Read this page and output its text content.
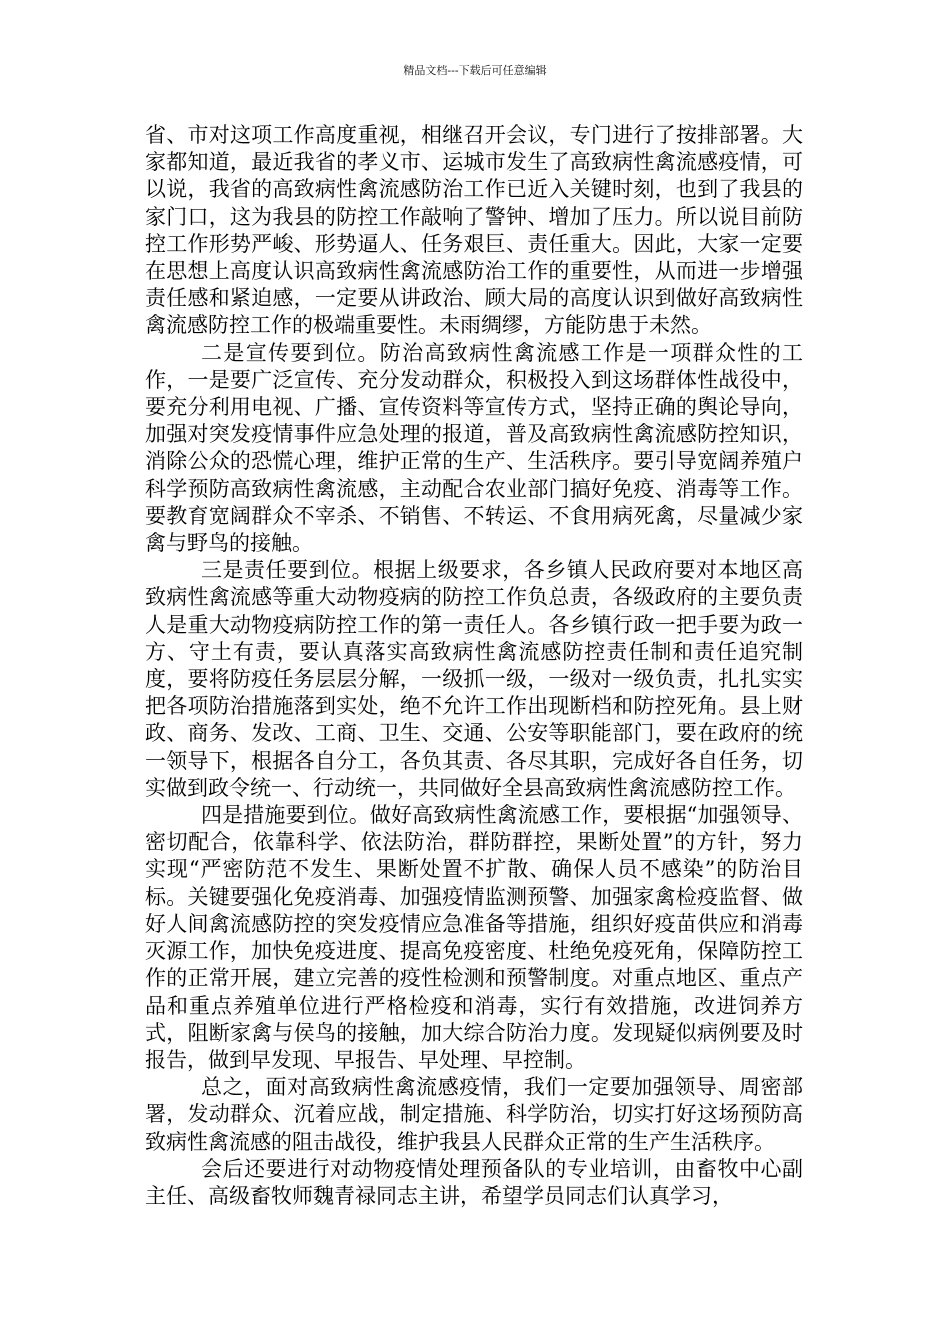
精品文档---下载后可任意编辑

省、市对这项工作高度重视，相继召开会议，专门进行了按排部署。大家都知道，最近我省的孝义市、运城市发生了高致病性禽流感疫情，可以说，我省的高致病性禽流感防治工作已近入关键时刻，也到了我县的家门口，这为我县的防控工作敲响了警钟、增加了压力。所以说目前防控工作形势严峻、形势逼人、任务艰巨、责任重大。因此，大家一定要在思想上高度认识高致病性禽流感防治工作的重要性，从而进一步增强责任感和紧迫感，一定要从讲政治、顾大局的高度认识到做好高致病性禽流感防控工作的极端重要性。未雨绸缪，方能防患于未然。

二是宣传要到位。防治高致病性禽流感工作是一项群众性的工作，一是要广泛宣传、充分发动群众，积极投入到这场群体性战役中，要充分利用电视、广播、宣传资料等宣传方式，坚持正确的舆论导向，加强对突发疫情事件应急处理的报道，普及高致病性禽流感防控知识，消除公众的恐慌心理，维护正常的生产、生活秩序。要引导宽阔养殖户科学预防高致病性禽流感，主动配合农业部门搞好免疫、消毒等工作。要教育宽阔群众不宰杀、不销售、不转运、不食用病死禽，尽量减少家禽与野鸟的接触。

三是责任要到位。根据上级要求，各乡镇人民政府要对本地区高致病性禽流感等重大动物疫病的防控工作负总责，各级政府的主要负责人是重大动物疫病防控工作的第一责任人。各乡镇行政一把手要为政一方、守土有责，要认真落实高致病性禽流感防控责任制和责任追究制度，要将防疫任务层层分解，一级抓一级，一级对一级负责，扎扎实实把各项防治措施落到实处，绝不允许工作出现断档和防控死角。县上财政、商务、发改、工商、卫生、交通、公安等职能部门，要在政府的统一领导下，根据各自分工，各负其责、各尽其职，完成好各自任务，切实做到政令统一、行动统一，共同做好全县高致病性禽流感防控工作。

四是措施要到位。做好高致病性禽流感工作，要根据“加强领导、密切配合，依靠科学、依法防治，群防群控，果断处置”的方针，努力实现“严密防范不发生、果断处置不扩散、确保人员不感染”的防治目标。关键要强化免疫消毒、加强疫情监测预警、加强家禽检疫监督、做好人间禽流感防控的突发疫情应急准备等措施，组织好疫苗供应和消毒灭源工作，加快免疫进度、提高免疫密度、杜绝免疫死角，保障防控工作的正常开展，建立完善的疫性检测和预警制度。对重点地区、重点产品和重点养殖单位进行严格检疫和消毒，实行有效措施，改进饲养方式，阻断家禽与侯鸟的接触，加大综合防治力度。发现疑似病例要及时报告，做到早发现、早报告、早处理、早控制。

总之，面对高致病性禽流感疫情，我们一定要加强领导、周密部署，发动群众、沉着应战，制定措施、科学防治，切实打好这场预防高致病性禽流感的阻击战役，维护我县人民群众正常的生产生活秩序。

会后还要进行对动物疫情处理预备队的专业培训，由畜牧中心副主任、高级畜牧师魏青禄同志主讲，希望学员同志们认真学习，
